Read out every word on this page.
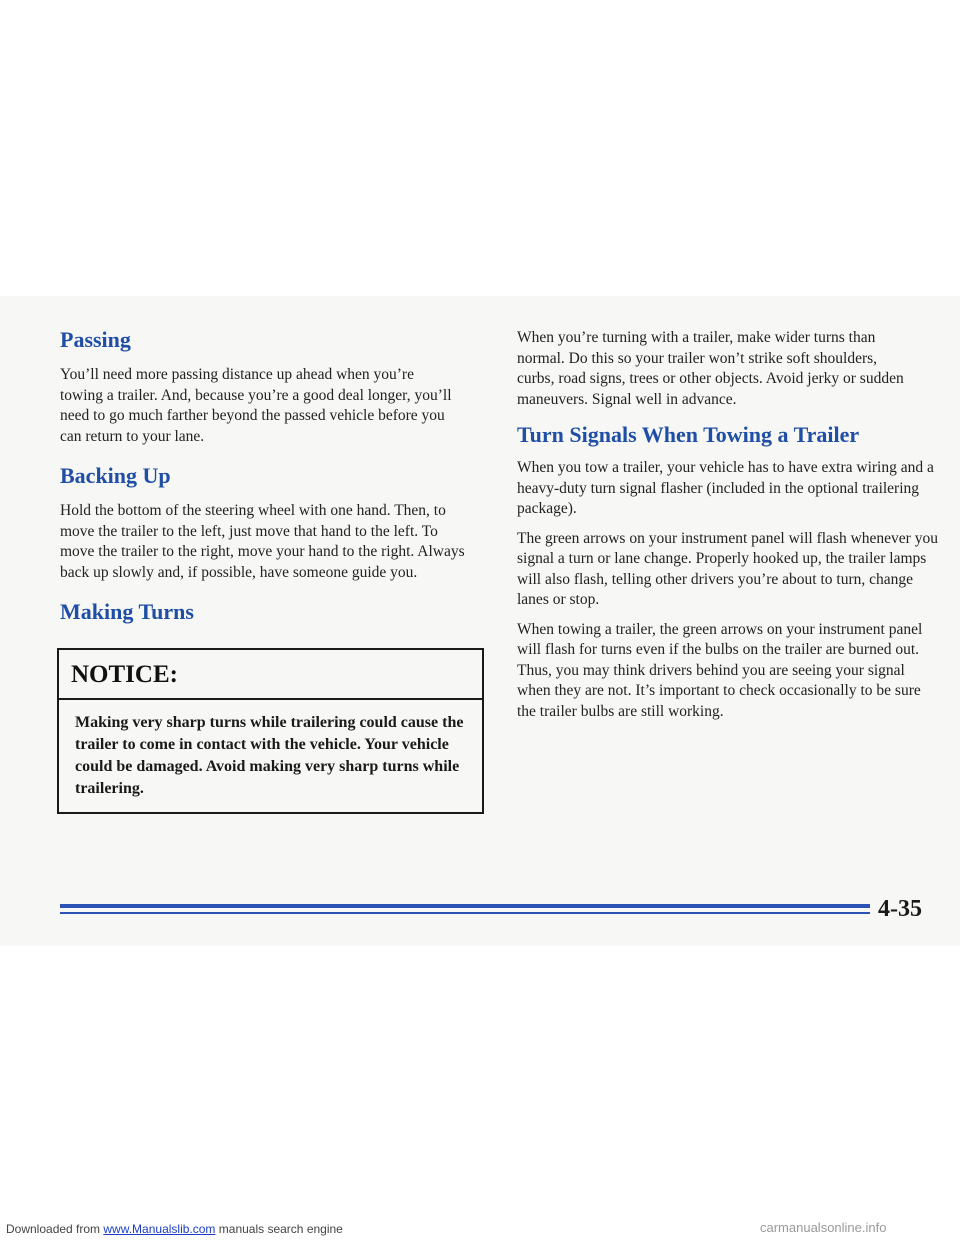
Passing

You’ll need more passing distance up ahead when you’re towing a trailer. And, because you’re a good deal longer, you’ll need to go much farther beyond the passed vehicle before you can return to your lane.

Backing Up

Hold the bottom of the steering wheel with one hand. Then, to move the trailer to the left, just move that hand to the left. To move the trailer to the right, move your hand to the right. Always back up slowly and, if possible, have someone guide you.

Making Turns
NOTICE:
Making very sharp turns while trailering could cause the trailer to come in contact with the vehicle. Your vehicle could be damaged. Avoid making very sharp turns while trailering.

When you’re turning with a trailer, make wider turns than normal. Do this so your trailer won’t strike soft shoulders, curbs, road signs, trees or other objects. Avoid jerky or sudden maneuvers. Signal well in advance.

Turn Signals When Towing a Trailer

When you tow a trailer, your vehicle has to have extra wiring and a heavy-duty turn signal flasher (included in the optional trailering package).

The green arrows on your instrument panel will flash whenever you signal a turn or lane change. Properly hooked up, the trailer lamps will also flash, telling other drivers you’re about to turn, change lanes or stop.

When towing a trailer, the green arrows on your instrument panel will flash for turns even if the bulbs on the trailer are burned out. Thus, you may think drivers behind you are seeing your signal when they are not. It’s important to check occasionally to be sure the trailer bulbs are still working.

4-35
Downloaded from www.Manualslib.com manuals search engine	carmanualsonline.info
